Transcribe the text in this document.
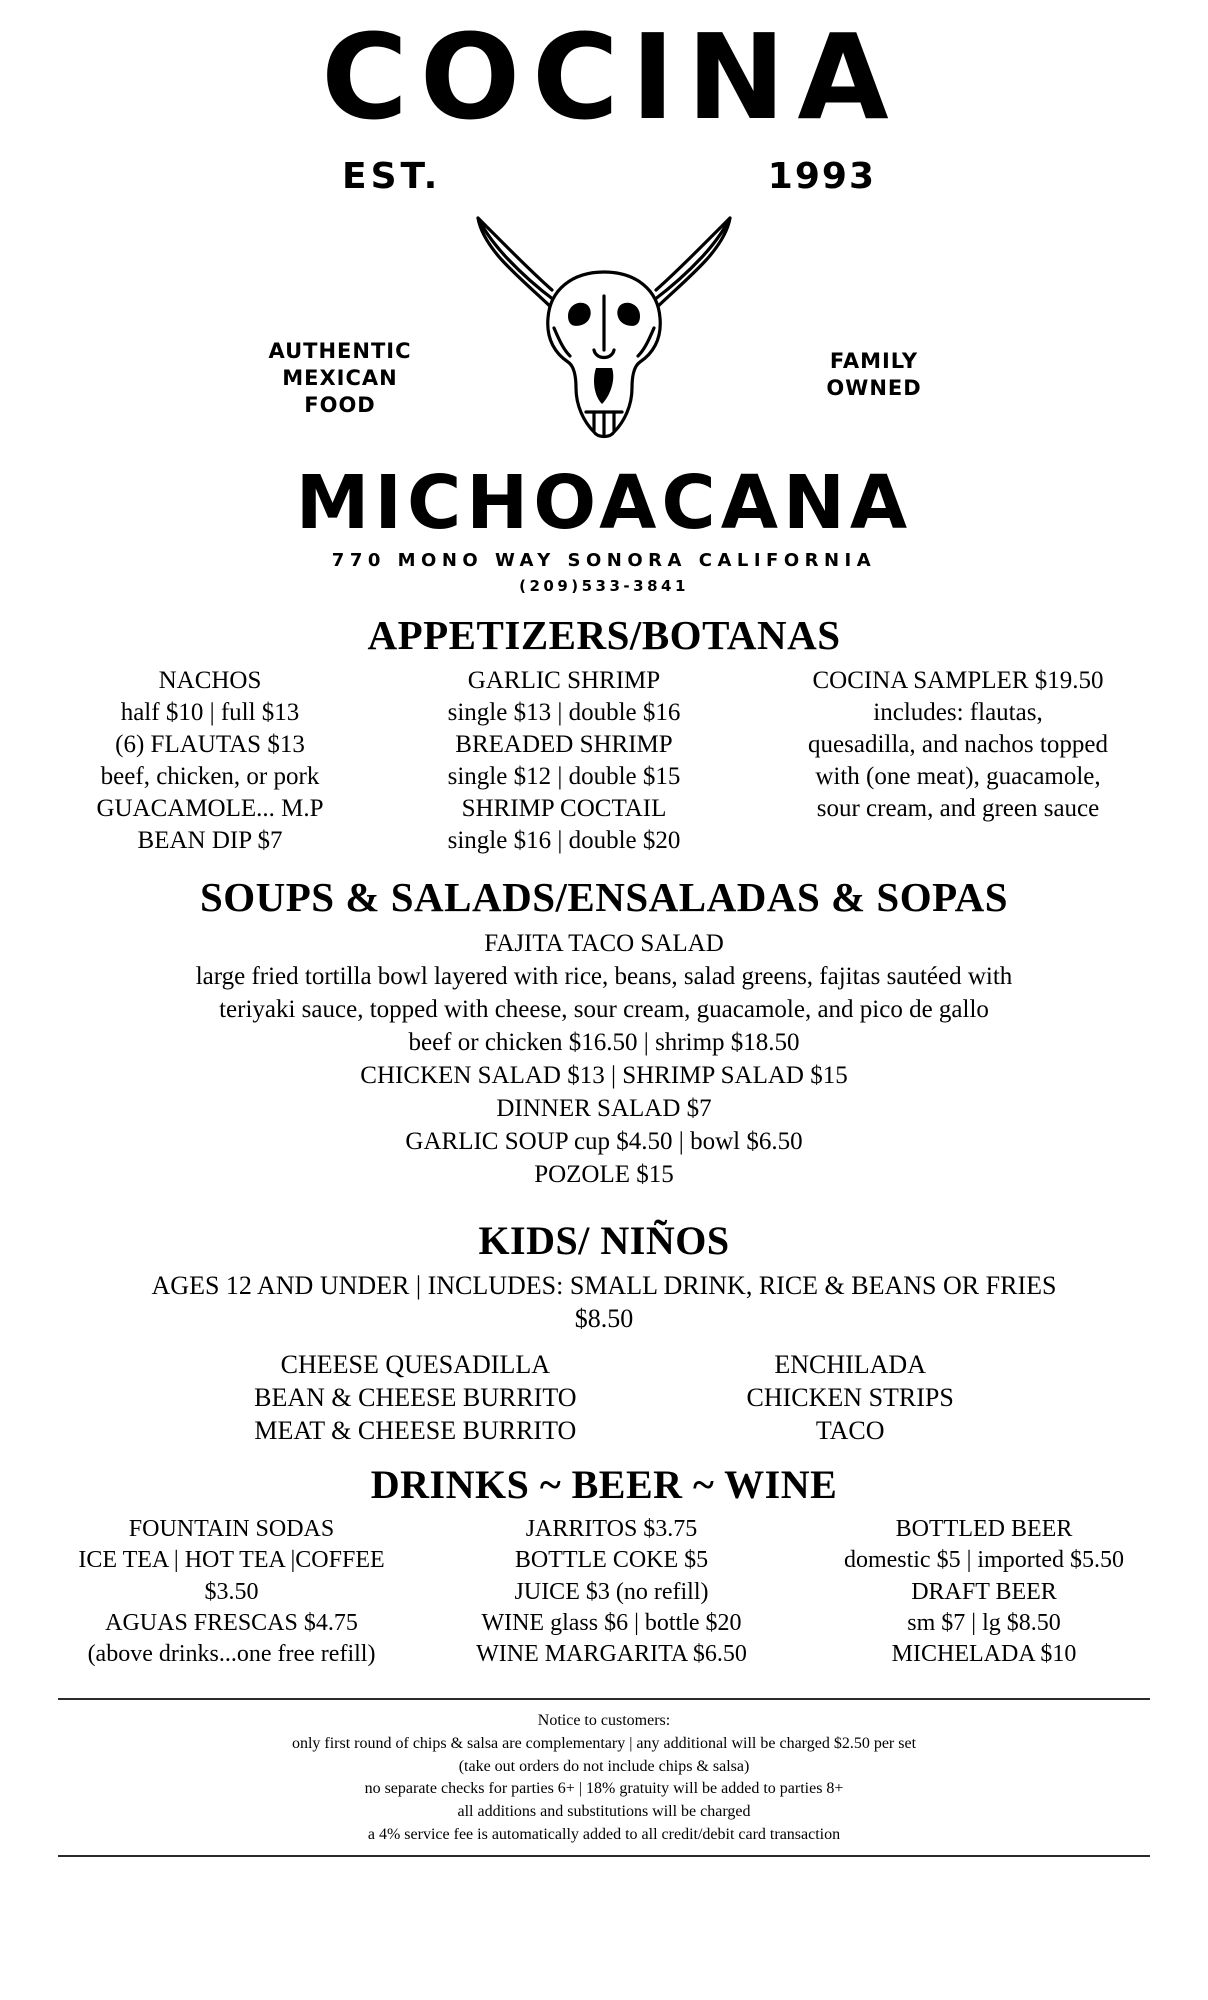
COCINA
EST.	1993
AUTHENTIC
MEXICAN
FOOD
FAMILY
OWNED
MICHOACANA
770 MONO WAY SONORA CALIFORNIA
(209)533-3841
APPETIZERS/BOTANAS
NACHOS
half $10 | full $13
(6) FLAUTAS $13
beef, chicken, or pork
GUACAMOLE... M.P
BEAN DIP $7
GARLIC SHRIMP
single $13 | double $16
BREADED SHRIMP
single $12 | double $15
SHRIMP COCTAIL
single $16 | double $20
COCINA SAMPLER $19.50
includes: flautas,
quesadilla, and nachos topped
with (one meat), guacamole,
sour cream, and green sauce
SOUPS & SALADS/ENSALADAS & SOPAS
FAJITA TACO SALAD
large fried tortilla bowl layered with rice, beans, salad greens, fajitas sautéed with
teriyaki sauce, topped with cheese, sour cream, guacamole, and pico de gallo
beef or chicken $16.50 | shrimp $18.50
CHICKEN SALAD $13 | SHRIMP SALAD $15
DINNER SALAD $7
GARLIC SOUP cup $4.50 | bowl $6.50
POZOLE $15
KIDS/ NIÑOS
AGES 12 AND UNDER | INCLUDES: SMALL DRINK, RICE & BEANS OR FRIES
$8.50
CHEESE QUESADILLA
BEAN & CHEESE BURRITO
MEAT & CHEESE BURRITO
ENCHILADA
CHICKEN STRIPS
TACO
DRINKS ~ BEER ~ WINE
FOUNTAIN SODAS
ICE TEA | HOT TEA |COFFEE
$3.50
AGUAS FRESCAS $4.75
(above drinks...one free refill)
JARRITOS $3.75
BOTTLE COKE $5
JUICE $3 (no refill)
WINE glass $6 | bottle $20
WINE MARGARITA $6.50
BOTTLED BEER
domestic $5 | imported $5.50
DRAFT BEER
sm $7 | lg $8.50
MICHELADA $10
Notice to customers:
only first round of chips & salsa are complementary | any additional will be charged $2.50 per set
(take out orders do not include chips & salsa)
no separate checks for parties 6+ | 18% gratuity will be added to parties 8+
all additions and substitutions will be charged
a 4% service fee is automatically added to all credit/debit card transaction
